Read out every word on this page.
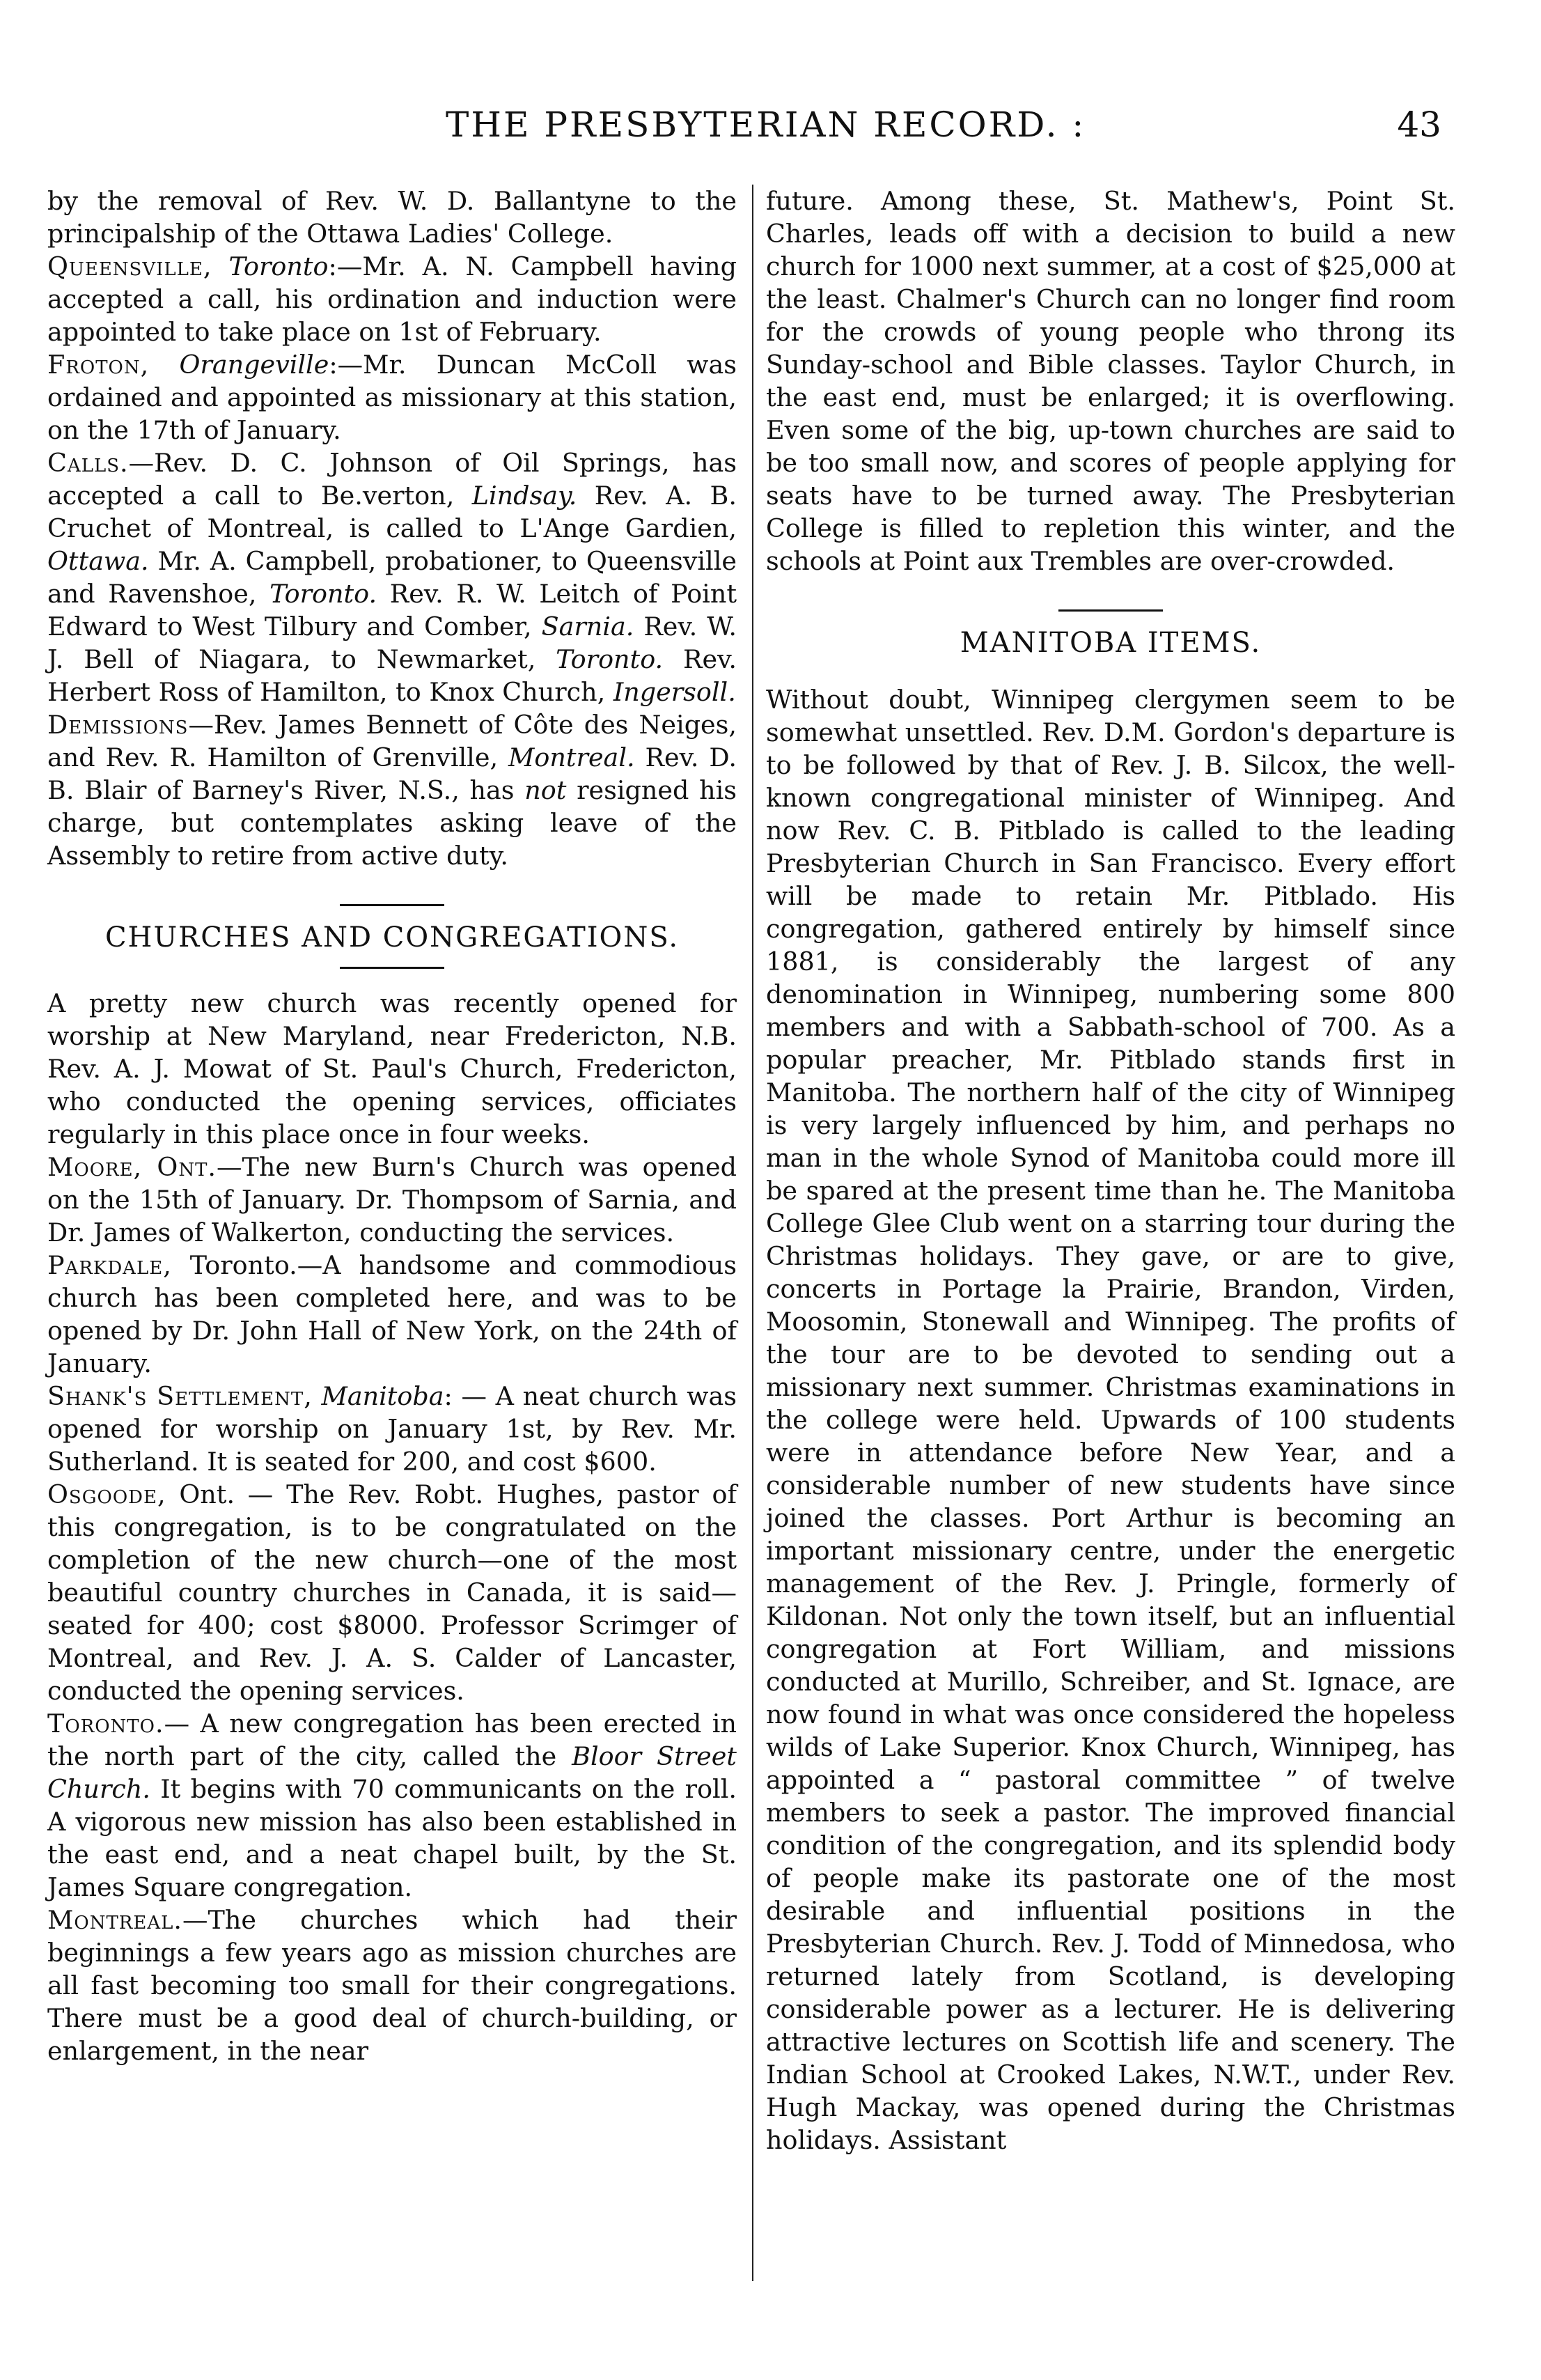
THE PRESBYTERIAN RECORD. :	43

by the removal of Rev. W. D. Ballantyne to the principalship of the Ottawa Ladies' College.

Queensville, Toronto:—Mr. A. N. Campbell having accepted a call, his ordination and induction were appointed to take place on 1st of February.

Froton, Orangeville:—Mr. Duncan McColl was ordained and appointed as missionary at this station, on the 17th of January.

Calls.—Rev. D. C. Johnson of Oil Springs, has accepted a call to Be.verton, Lindsay. Rev. A. B. Cruchet of Montreal, is called to L'Ange Gardien, Ottawa. Mr. A. Campbell, probationer, to Queensville and Ravenshoe, Toronto. Rev. R. W. Leitch of Point Edward to West Tilbury and Comber, Sarnia. Rev. W. J. Bell of Niagara, to Newmarket, Toronto. Rev. Herbert Ross of Hamilton, to Knox Church, Ingersoll.

Demissions—Rev. James Bennett of Côte des Neiges, and Rev. R. Hamilton of Grenville, Montreal. Rev. D. B. Blair of Barney's River, N.S., has not resigned his charge, but contemplates asking leave of the Assembly to retire from active duty.

CHURCHES AND CONGREGATIONS.

A pretty new church was recently opened for worship at New Maryland, near Fredericton, N.B. Rev. A. J. Mowat of St. Paul's Church, Fredericton, who conducted the opening services, officiates regularly in this place once in four weeks.

Moore, Ont.—The new Burn's Church was opened on the 15th of January. Dr. Thompsom of Sarnia, and Dr. James of Walkerton, conducting the services.

Parkdale, Toronto.—A handsome and commodious church has been completed here, and was to be opened by Dr. John Hall of New York, on the 24th of January.

Shank's Settlement, Manitoba: — A neat church was opened for worship on January 1st, by Rev. Mr. Sutherland. It is seated for 200, and cost $600.

Osgoode, Ont. — The Rev. Robt. Hughes, pastor of this congregation, is to be congratulated on the completion of the new church—one of the most beautiful country churches in Canada, it is said—seated for 400; cost $8000. Professor Scrimger of Montreal, and Rev. J. A. S. Calder of Lancaster, conducted the opening services.

Toronto.— A new congregation has been erected in the north part of the city, called the Bloor Street Church. It begins with 70 communicants on the roll. A vigorous new mission has also been established in the east end, and a neat chapel built, by the St. James Square congregation.

Montreal.—The churches which had their beginnings a few years ago as mission churches are all fast becoming too small for their congregations. There must be a good deal of church-building, or enlargement, in the near

future. Among these, St. Mathew's, Point St. Charles, leads off with a decision to build a new church for 1000 next summer, at a cost of $25,000 at the least. Chalmer's Church can no longer find room for the crowds of young people who throng its Sunday-school and Bible classes. Taylor Church, in the east end, must be enlarged; it is overflowing. Even some of the big, up-town churches are said to be too small now, and scores of people applying for seats have to be turned away. The Presbyterian College is filled to repletion this winter, and the schools at Point aux Trembles are over-crowded.

MANITOBA ITEMS.

Without doubt, Winnipeg clergymen seem to be somewhat unsettled. Rev. D.M. Gordon's departure is to be followed by that of Rev. J. B. Silcox, the well-known congregational minister of Winnipeg. And now Rev. C. B. Pitblado is called to the leading Presbyterian Church in San Francisco. Every effort will be made to retain Mr. Pitblado. His congregation, gathered entirely by himself since 1881, is considerably the largest of any denomination in Winnipeg, numbering some 800 members and with a Sabbath-school of 700. As a popular preacher, Mr. Pitblado stands first in Manitoba. The northern half of the city of Winnipeg is very largely influenced by him, and perhaps no man in the whole Synod of Manitoba could more ill be spared at the present time than he. The Manitoba College Glee Club went on a starring tour during the Christmas holidays. They gave, or are to give, concerts in Portage la Prairie, Brandon, Virden, Moosomin, Stonewall and Winnipeg. The profits of the tour are to be devoted to sending out a missionary next summer. Christmas examinations in the college were held. Upwards of 100 students were in attendance before New Year, and a considerable number of new students have since joined the classes. Port Arthur is becoming an important missionary centre, under the energetic management of the Rev. J. Pringle, formerly of Kildonan. Not only the town itself, but an influential congregation at Fort William, and missions conducted at Murillo, Schreiber, and St. Ignace, are now found in what was once considered the hopeless wilds of Lake Superior. Knox Church, Winnipeg, has appointed a “ pastoral committee ” of twelve members to seek a pastor. The improved financial condition of the congregation, and its splendid body of people make its pastorate one of the most desirable and influential positions in the Presbyterian Church. Rev. J. Todd of Minnedosa, who returned lately from Scotland, is developing considerable power as a lecturer. He is delivering attractive lectures on Scottish life and scenery. The Indian School at Crooked Lakes, N.W.T., under Rev. Hugh Mackay, was opened during the Christmas holidays. Assistant
